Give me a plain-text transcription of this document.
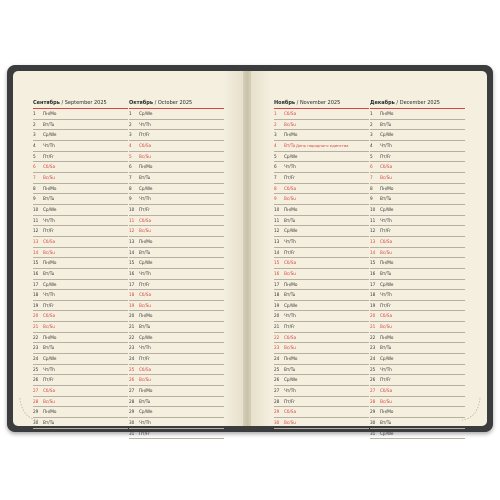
Сентябрь / September 2025
1 Пн/Mo
2 Вт/Tu
3 Ср/We
4 Чт/Th
5 Пт/Fr
6 Сб/Sa
7 Вс/Su
8 Пн/Mo
9 Вт/Tu
10 Ср/We
11 Чт/Th
12 Пт/Fr
13 Сб/Sa
14 Вс/Su
15 Пн/Mo
16 Вт/Tu
17 Ср/We
18 Чт/Th
19 Пт/Fr
20 Сб/Sa
21 Вс/Su
22 Пн/Mo
23 Вт/Tu
24 Ср/We
25 Чт/Th
26 Пт/Fr
27 Сб/Sa
28 Вс/Su
29 Пн/Mo
30 Вт/Tu
Октябрь / October 2025
1 Ср/We
2 Чт/Th
3 Пт/Fr
4 Сб/Sa
5 Вс/Su
6 Пн/Mo
7 Вт/Tu
8 Ср/We
9 Чт/Th
10 Пт/Fr
11 Сб/Sa
12 Вс/Su
13 Пн/Mo
14 Вт/Tu
15 Ср/We
16 Чт/Th
17 Пт/Fr
18 Сб/Sa
19 Вс/Su
20 Пн/Mo
21 Вт/Tu
22 Ср/We
23 Чт/Th
24 Пт/Fr
25 Сб/Sa
26 Вс/Su
27 Пн/Mo
28 Вт/Tu
29 Ср/We
30 Чт/Th
31 Пт/Fr
Ноябрь / November 2025
1 Сб/Sa
2 Вс/Su
3 Пн/Mo
4 Вт/TuДень народного единства
5 Ср/We
6 Чт/Th
7 Пт/Fr
8 Сб/Sa
9 Вс/Su
10 Пн/Mo
11 Вт/Tu
12 Ср/We
13 Чт/Th
14 Пт/Fr
15 Сб/Sa
16 Вс/Su
17 Пн/Mo
18 Вт/Tu
19 Ср/We
20 Чт/Th
21 Пт/Fr
22 Сб/Sa
23 Вс/Su
24 Пн/Mo
25 Вт/Tu
26 Ср/We
27 Чт/Th
28 Пт/Fr
29 Сб/Sa
30 Вс/Su
Декабрь / December 2025
1 Пн/Mo
2 Вт/Tu
3 Ср/We
4 Чт/Th
5 Пт/Fr
6 Сб/Sa
7 Вс/Su
8 Пн/Mo
9 Вт/Tu
10 Ср/We
11 Чт/Th
12 Пт/Fr
13 Сб/Sa
14 Вс/Su
15 Пн/Mo
16 Вт/Tu
17 Ср/We
18 Чт/Th
19 Пт/Fr
20 Сб/Sa
21 Вс/Su
22 Пн/Mo
23 Вт/Tu
24 Ср/We
25 Чт/Th
26 Пт/Fr
27 Сб/Sa
28 Вс/Su
29 Пн/Mo
30 Вт/Tu
31 Ср/We
